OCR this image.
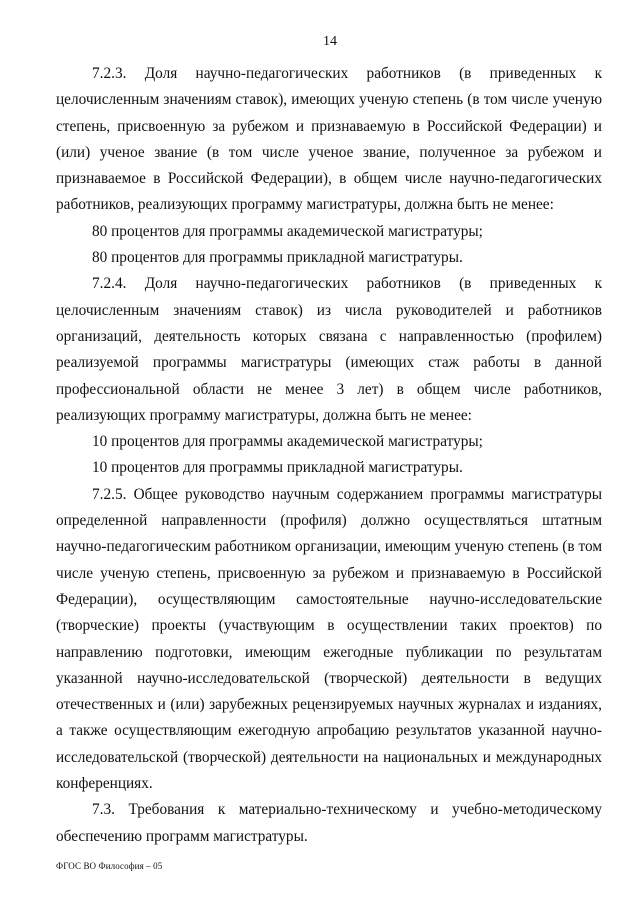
14

7.2.3. Доля научно-педагогических работников (в приведенных к целочисленным значениям ставок), имеющих ученую степень (в том числе ученую степень, присвоенную за рубежом и признаваемую в Российской Федерации) и (или) ученое звание (в том числе ученое звание, полученное за рубежом и признаваемое в Российской Федерации), в общем числе научно-педагогических работников, реализующих программу магистратуры, должна быть не менее:

80 процентов для программы академической магистратуры;

80 процентов для программы прикладной магистратуры.

7.2.4. Доля научно-педагогических работников (в приведенных к целочисленным значениям ставок) из числа руководителей и работников организаций, деятельность которых связана с направленностью (профилем) реализуемой программы магистратуры (имеющих стаж работы в данной профессиональной области не менее 3 лет) в общем числе работников, реализующих программу магистратуры, должна быть не менее:

10 процентов для программы академической магистратуры;

10 процентов для программы прикладной магистратуры.

7.2.5. Общее руководство научным содержанием программы магистратуры определенной направленности (профиля) должно осуществляться штатным научно-педагогическим работником организации, имеющим ученую степень (в том числе ученую степень, присвоенную за рубежом и признаваемую в Российской Федерации), осуществляющим самостоятельные научно-исследовательские (творческие) проекты (участвующим в осуществлении таких проектов) по направлению подготовки, имеющим ежегодные публикации по результатам указанной научно-исследовательской (творческой) деятельности в ведущих отечественных и (или) зарубежных рецензируемых научных журналах и изданиях, а также осуществляющим ежегодную апробацию результатов указанной научно-исследовательской (творческой) деятельности на национальных и международных конференциях.

7.3. Требования к материально-техническому и учебно-методическому обеспечению программ магистратуры.

ФГОС ВО Философия – 05
